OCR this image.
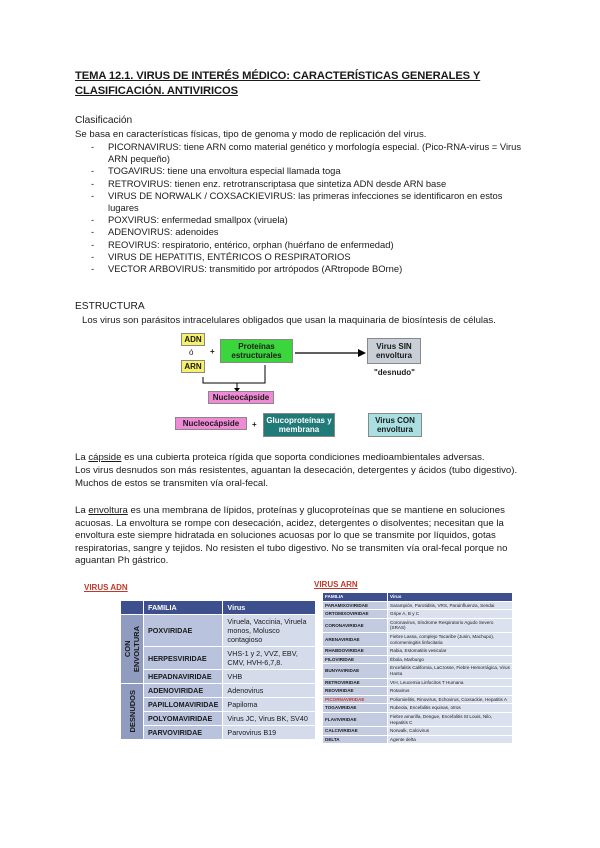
TEMA 12.1. VIRUS DE INTERÉS MÉDICO: CARACTERÍSTICAS GENERALES Y CLASIFICACIÓN. ANTIVIRICOS
Clasificación
Se basa en características físicas, tipo de genoma y modo de replicación del virus.
- PICORNAVIRUS: tiene ARN como material genético y morfología especial. (Pico-RNA-virus = Virus ARN pequeño)
- TOGAVIRUS: tiene una envoltura especial llamada toga
- RETROVIRUS: tienen enz. retrotranscriptasa que sintetiza ADN desde ARN base
- VIRUS DE NORWALK / COXSACKIEVIRUS: las primeras infecciones se identificaron en estos lugares
- POXVIRUS: enfermedad smallpox (viruela)
- ADENOVIRUS: adenoides
- REOVIRUS: respiratorio, entérico, orphan (huérfano de enfermedad)
- VIRUS DE HEPATITIS, ENTÉRICOS O RESPIRATORIOS
- VECTOR ARBOVIRUS: transmitido por artrópodos (ARtropode BOrne)
ESTRUCTURA
Los virus son parásitos intracelulares obligados que usan la maquinaria de biosíntesis de células.
ADN
ó
ARN
+
Proteínas estructurales
Virus SIN envoltura
"desnudo"
Nucleocápside
Nucleocápside	+	Glucoproteínas y membrana
Virus CON envoltura
La cápside es una cubierta proteica rígida que soporta condiciones medioambientales adversas.
Los virus desnudos son más resistentes, aguantan la desecación, detergentes y ácidos (tubo digestivo). Muchos de estos se transmiten vía oral-fecal.
La envoltura es una membrana de lípidos, proteínas y glucoproteínas que se mantiene en soluciones acuosas. La envoltura se rompe con desecación, acidez, detergentes o disolventes; necesitan que la envoltura este siempre hidratada en soluciones acuosas por lo que se transmite por líquidos, gotas respiratorias, sangre y tejidos. No resisten el tubo digestivo. No se transmiten vía oral-fecal porque no aguantan Ph gástrico.
VIRUS ADN
	FAMILIA	Virus

CON
ENVOLTURA	POXVIRIDAE	Viruela, Vaccinia, Viruela monos, Molusco contagioso
	HERPESVIRIDAE	VHS-1 y 2, VVZ, EBV, CMV, HVH-6,7,8.
	HEPADNAVIRIDAE	VHB

DESNUDOS	ADENOVIRIDAE	Adenovirus
	PAPILLOMAVIRIDAE	Papiloma
	POLYOMAVIRIDAE	Virus JC, Virus BK, SV40
	PARVOVIRIDAE	Parvovirus B19
VIRUS ARN
FAMILIA	Virus
PARAMIXOVIRIDAE	Sarampión, Parotiditis, VRS, Parainfluenza, Sendai
ORTOMIXOVIRIDAE	Gripe A, B y C
CORONAVIRIDAE	Coronavirus, Síndrome Respiratorio Agudo Severo (SRAS)
ARENAVIRIDAE	Fiebre Lassa, complejo Tacaribe (Junin, Machupo), coriomeningitis linfocitaria
RHABDOVIRIDAE	Rabia, Estomatitis vesicular
FILOVIRIDAE	Ébola, Marburgo
BUNYAVIRIDAE	Encefalitis California, LaCrosse, Fiebre Hemorrágica, Virus Hanta
RETROVIRIDAE	VIH, Leucemia Linfocitos T Humana
REOVIRIDAE	Rotavirus
PICORNAVIRIDAE	Poliomielitis, Rinovirus, Echovirus, Coxsackie, Hepatitis A
TOGAVIRIDAE	Rubeola, Encefalitis equinas, otros
FLAVIVIRIDAE	Fiebre amarilla, Dengue, Encefalitis St Louis, Nilo, Hepatitis C
CALCIVIRIDAE	Norwalk, Calcivirus
DELTA	Agente delta
